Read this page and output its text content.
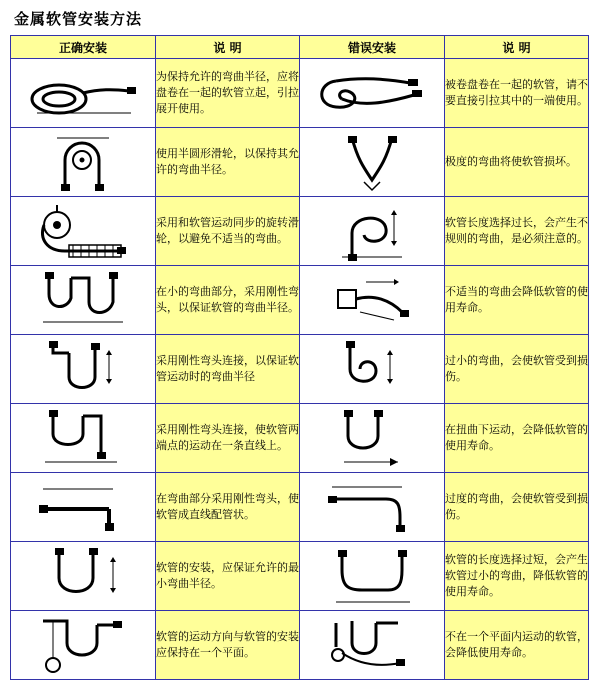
金属软管安装方法
正确安装	说 明	错误安装	说 明

	为保持允许的弯曲半径，应将盘卷在一起的软管立起，引拉展开使用。		被卷盘卷在一起的软管，请不要直接引拉其中的一端使用。

	使用半圆形滑轮，以保持其允许的弯曲半径。		极度的弯曲将使软管损坏。

	采用和软管运动同步的旋转滑轮，以避免不适当的弯曲。		软管长度选择过长，会产生不规则的弯曲，是必须注意的。

	在小的弯曲部分，采用刚性弯头，以保证软管的弯曲半径。		不适当的弯曲会降低软管的使用寿命。

	采用刚性弯头连接，以保证软管运动时的弯曲半径		过小的弯曲，会使软管受到损伤。

	采用刚性弯头连接，使软管两端点的运动在一条直线上。		在扭曲下运动，会降低软管的使用寿命。

	在弯曲部分采用刚性弯头，使软管成直线配管状。		过度的弯曲，会使软管受到损伤。

	软管的安装，应保证允许的最小弯曲半径。		软管的长度选择过短，会产生软管过小的弯曲，降低软管的使用寿命。

	软管的运动方向与软管的安装应保持在一个平面。		不在一个平面内运动的软管，会降低使用寿命。
